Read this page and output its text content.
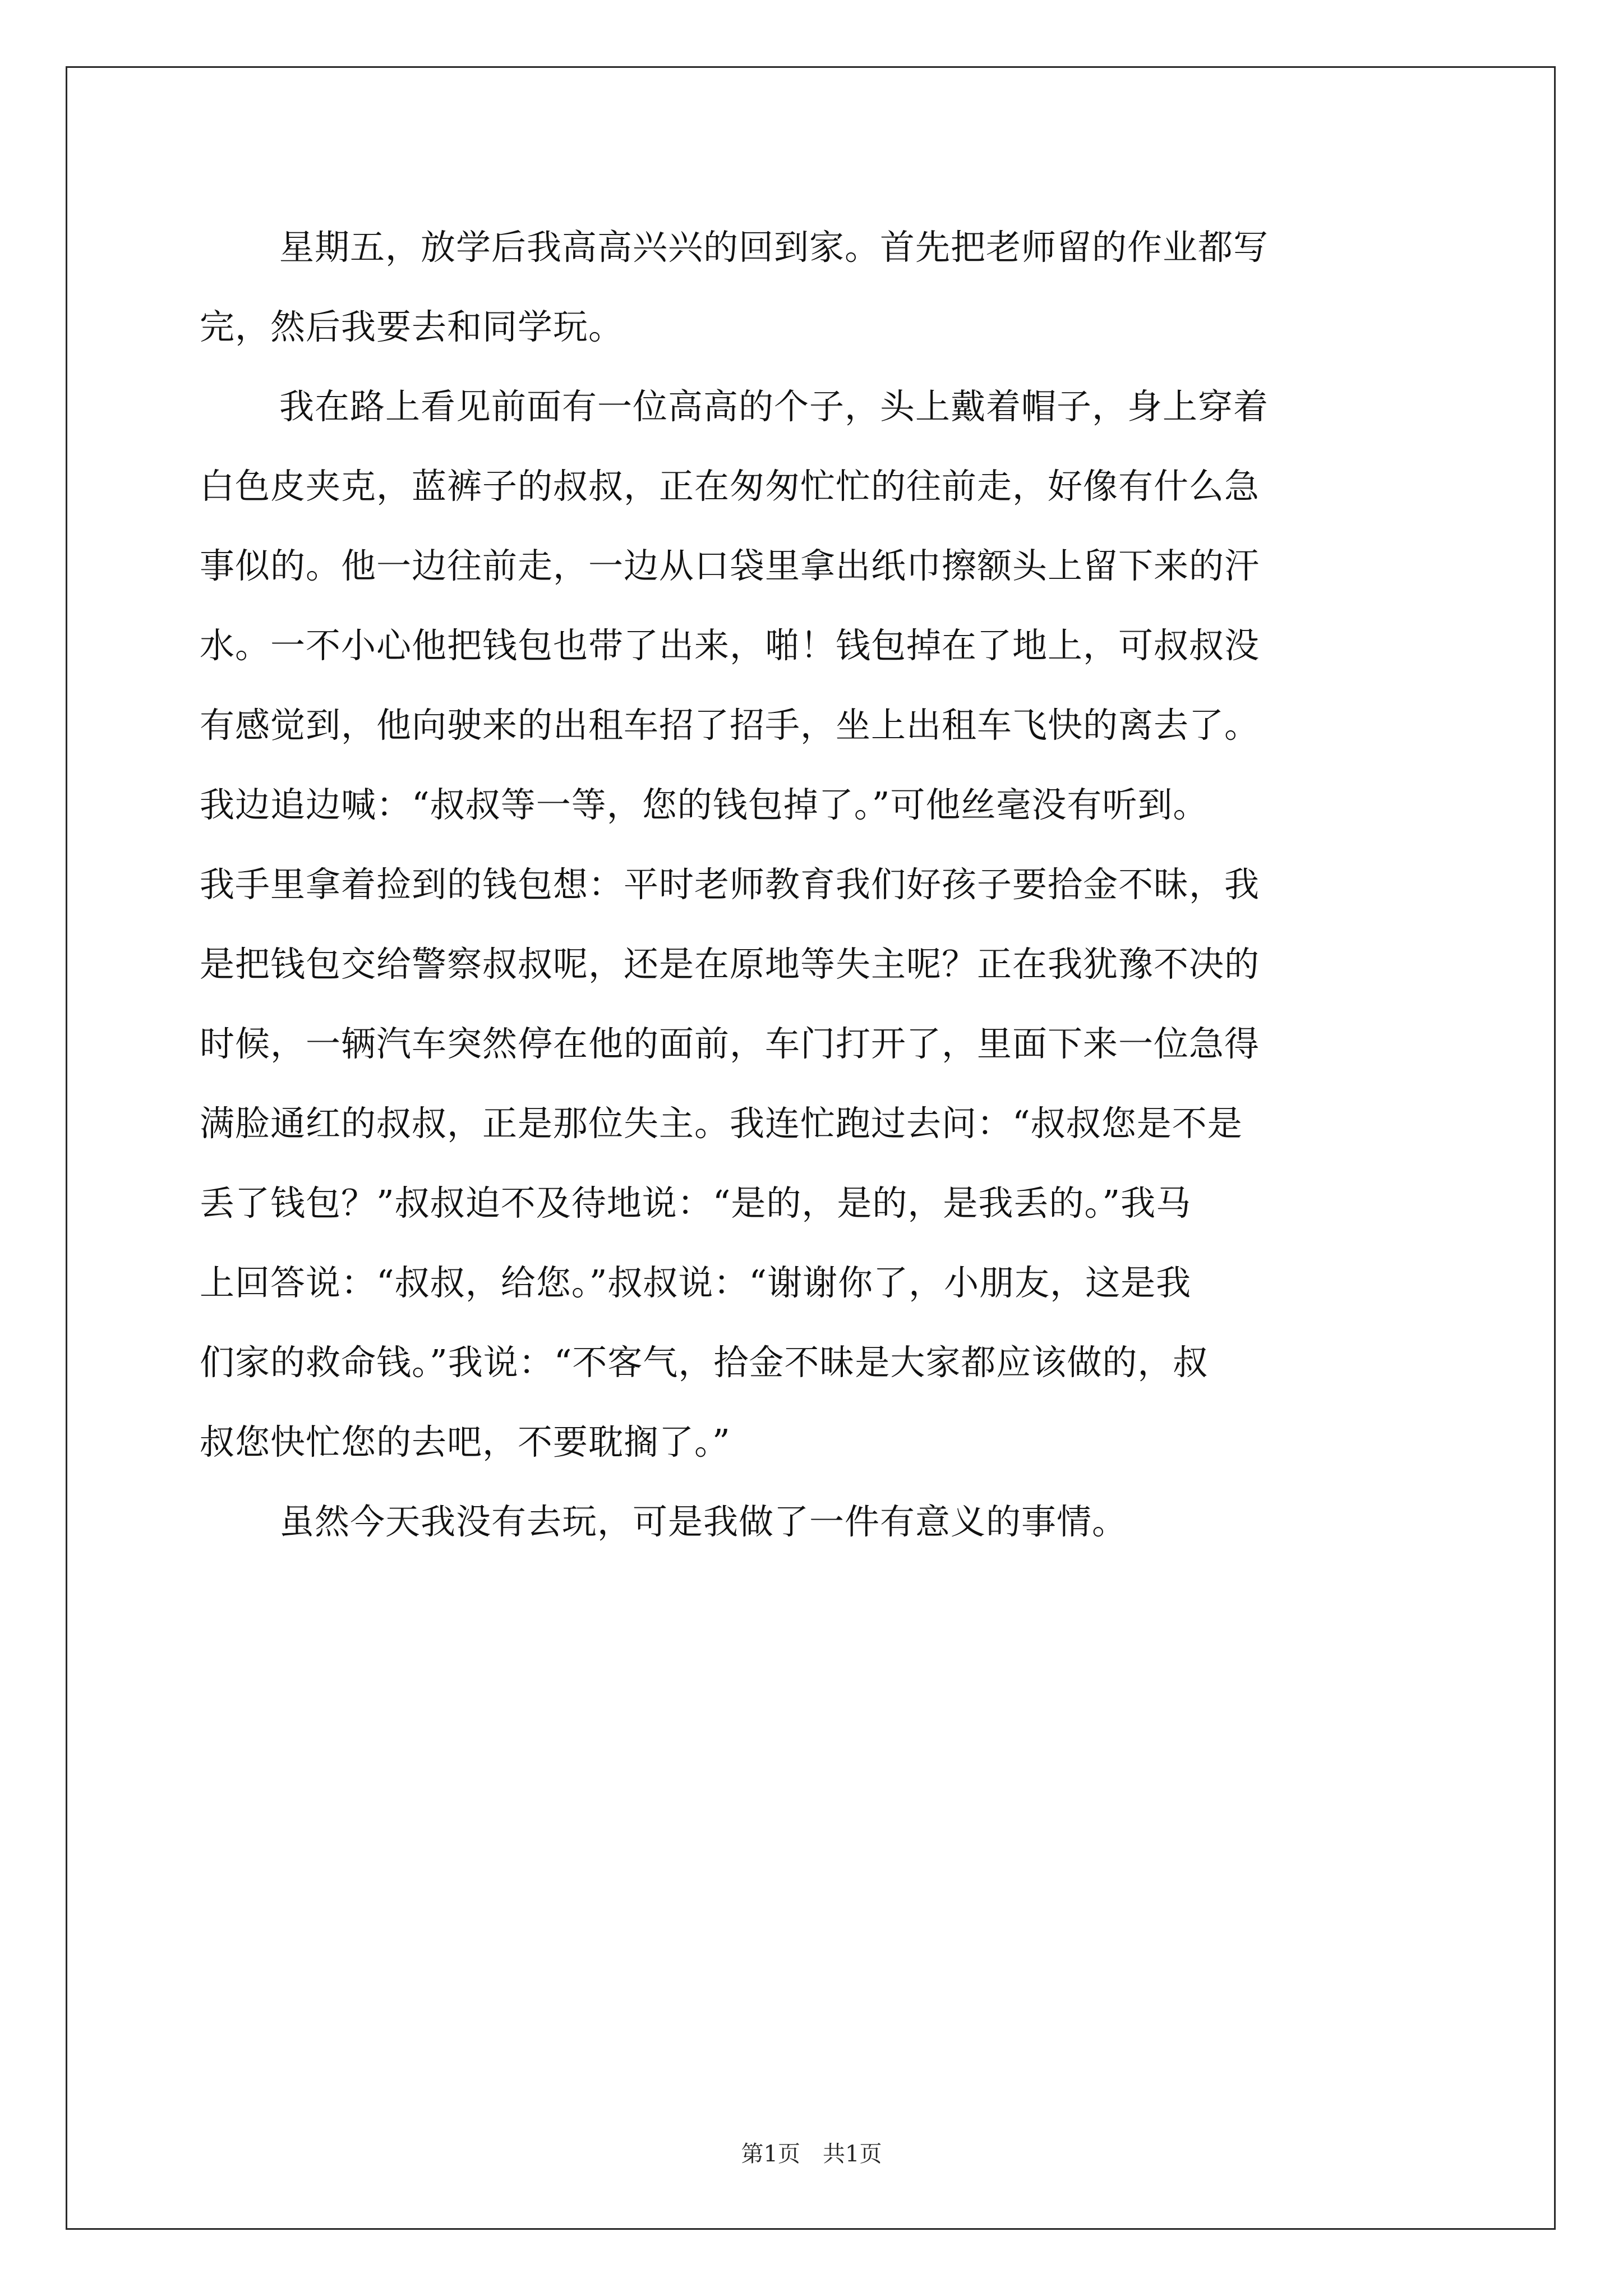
星期五，放学后我高高兴兴的回到家。首先把老师留的作业都写
完，然后我要去和同学玩。
我在路上看见前面有一位高高的个子，头上戴着帽子，身上穿着
白色皮夹克，蓝裤子的叔叔，正在匆匆忙忙的往前走，好像有什么急
事似的。他一边往前走，一边从口袋里拿出纸巾擦额头上留下来的汗
水。一不小心他把钱包也带了出来，啪！钱包掉在了地上，可叔叔没
有感觉到，他向驶来的出租车招了招手，坐上出租车飞快的离去了。
我边追边喊：“叔叔等一等，您的钱包掉了。”可他丝毫没有听到。
我手里拿着捡到的钱包想：平时老师教育我们好孩子要拾金不昧，我
是把钱包交给警察叔叔呢，还是在原地等失主呢？正在我犹豫不决的
时候，一辆汽车突然停在他的面前，车门打开了，里面下来一位急得
满脸通红的叔叔，正是那位失主。我连忙跑过去问：“叔叔您是不是
丢了钱包？”叔叔迫不及待地说：“是的，是的，是我丢的。”我马
上回答说：“叔叔，给您。”叔叔说：“谢谢你了，小朋友，这是我
们家的救命钱。”我说：“不客气，拾金不昧是大家都应该做的，叔
叔您快忙您的去吧，不要耽搁了。”
虽然今天我没有去玩，可是我做了一件有意义的事情。
第1页　共1页
